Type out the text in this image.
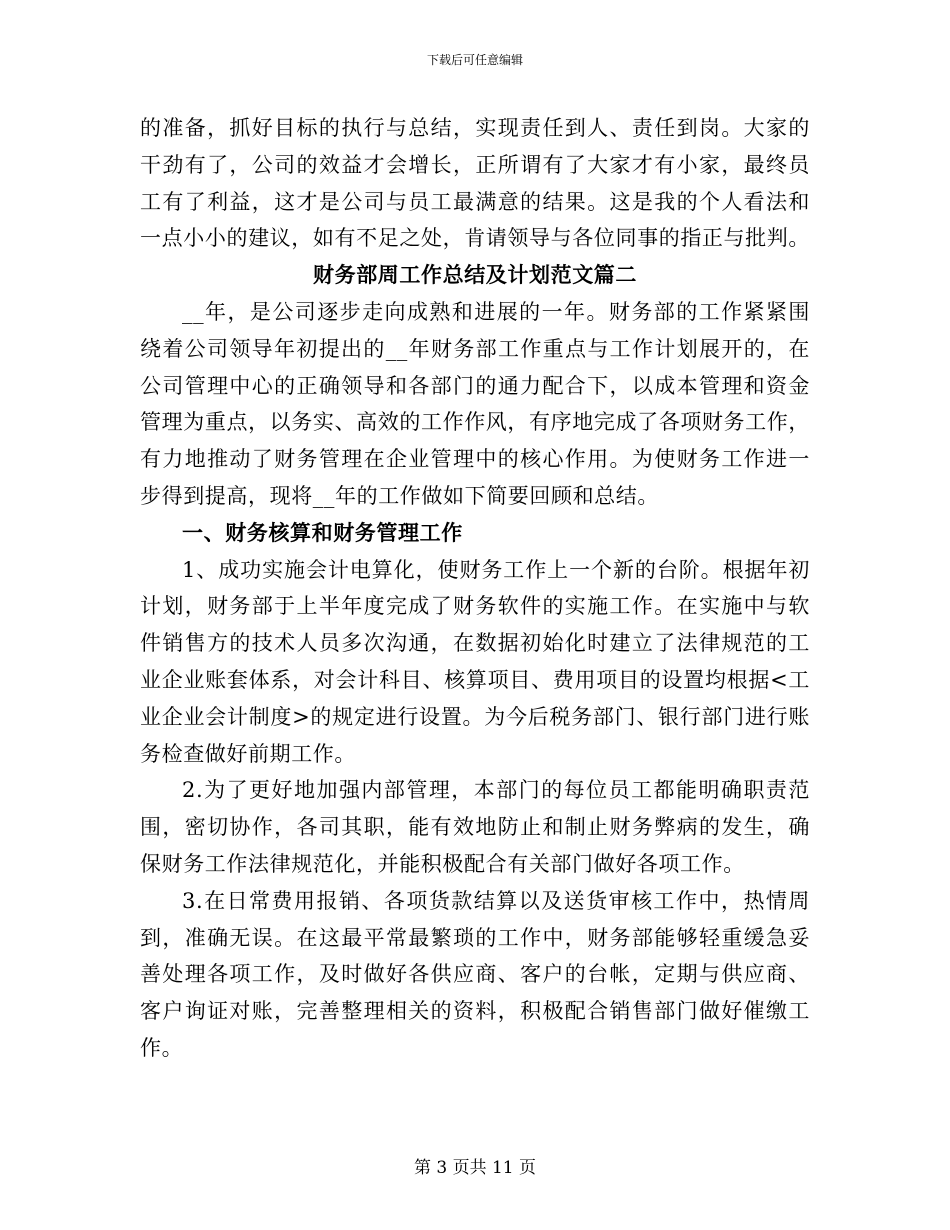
下载后可任意编辑
的准备，抓好目标的执行与总结，实现责任到人、责任到岗。大家的
干劲有了，公司的效益才会增长，正所谓有了大家才有小家，最终员
工有了利益，这才是公司与员工最满意的结果。这是我的个人看法和
一点小小的建议，如有不足之处，肯请领导与各位同事的指正与批判。
财务部周工作总结及计划范文篇二
__年，是公司逐步走向成熟和进展的一年。财务部的工作紧紧围
绕着公司领导年初提出的__年财务部工作重点与工作计划展开的，在
公司管理中心的正确领导和各部门的通力配合下，以成本管理和资金
管理为重点，以务实、高效的工作作风，有序地完成了各项财务工作，
有力地推动了财务管理在企业管理中的核心作用。为使财务工作进一
步得到提高，现将__年的工作做如下简要回顾和总结。
一、财务核算和财务管理工作
1、成功实施会计电算化，使财务工作上一个新的台阶。根据年初
计划，财务部于上半年度完成了财务软件的实施工作。在实施中与软
件销售方的技术人员多次沟通，在数据初始化时建立了法律规范的工
业企业账套体系，对会计科目、核算项目、费用项目的设置均根据<工
业企业会计制度>的规定进行设置。为今后税务部门、银行部门进行账
务检查做好前期工作。
2.为了更好地加强内部管理，本部门的每位员工都能明确职责范
围，密切协作，各司其职，能有效地防止和制止财务弊病的发生，确
保财务工作法律规范化，并能积极配合有关部门做好各项工作。
3.在日常费用报销、各项货款结算以及送货审核工作中，热情周
到，准确无误。在这最平常最繁琐的工作中，财务部能够轻重缓急妥
善处理各项工作，及时做好各供应商、客户的台帐，定期与供应商、
客户询证对账，完善整理相关的资料，积极配合销售部门做好催缴工
作。
第 3 页共 11 页
